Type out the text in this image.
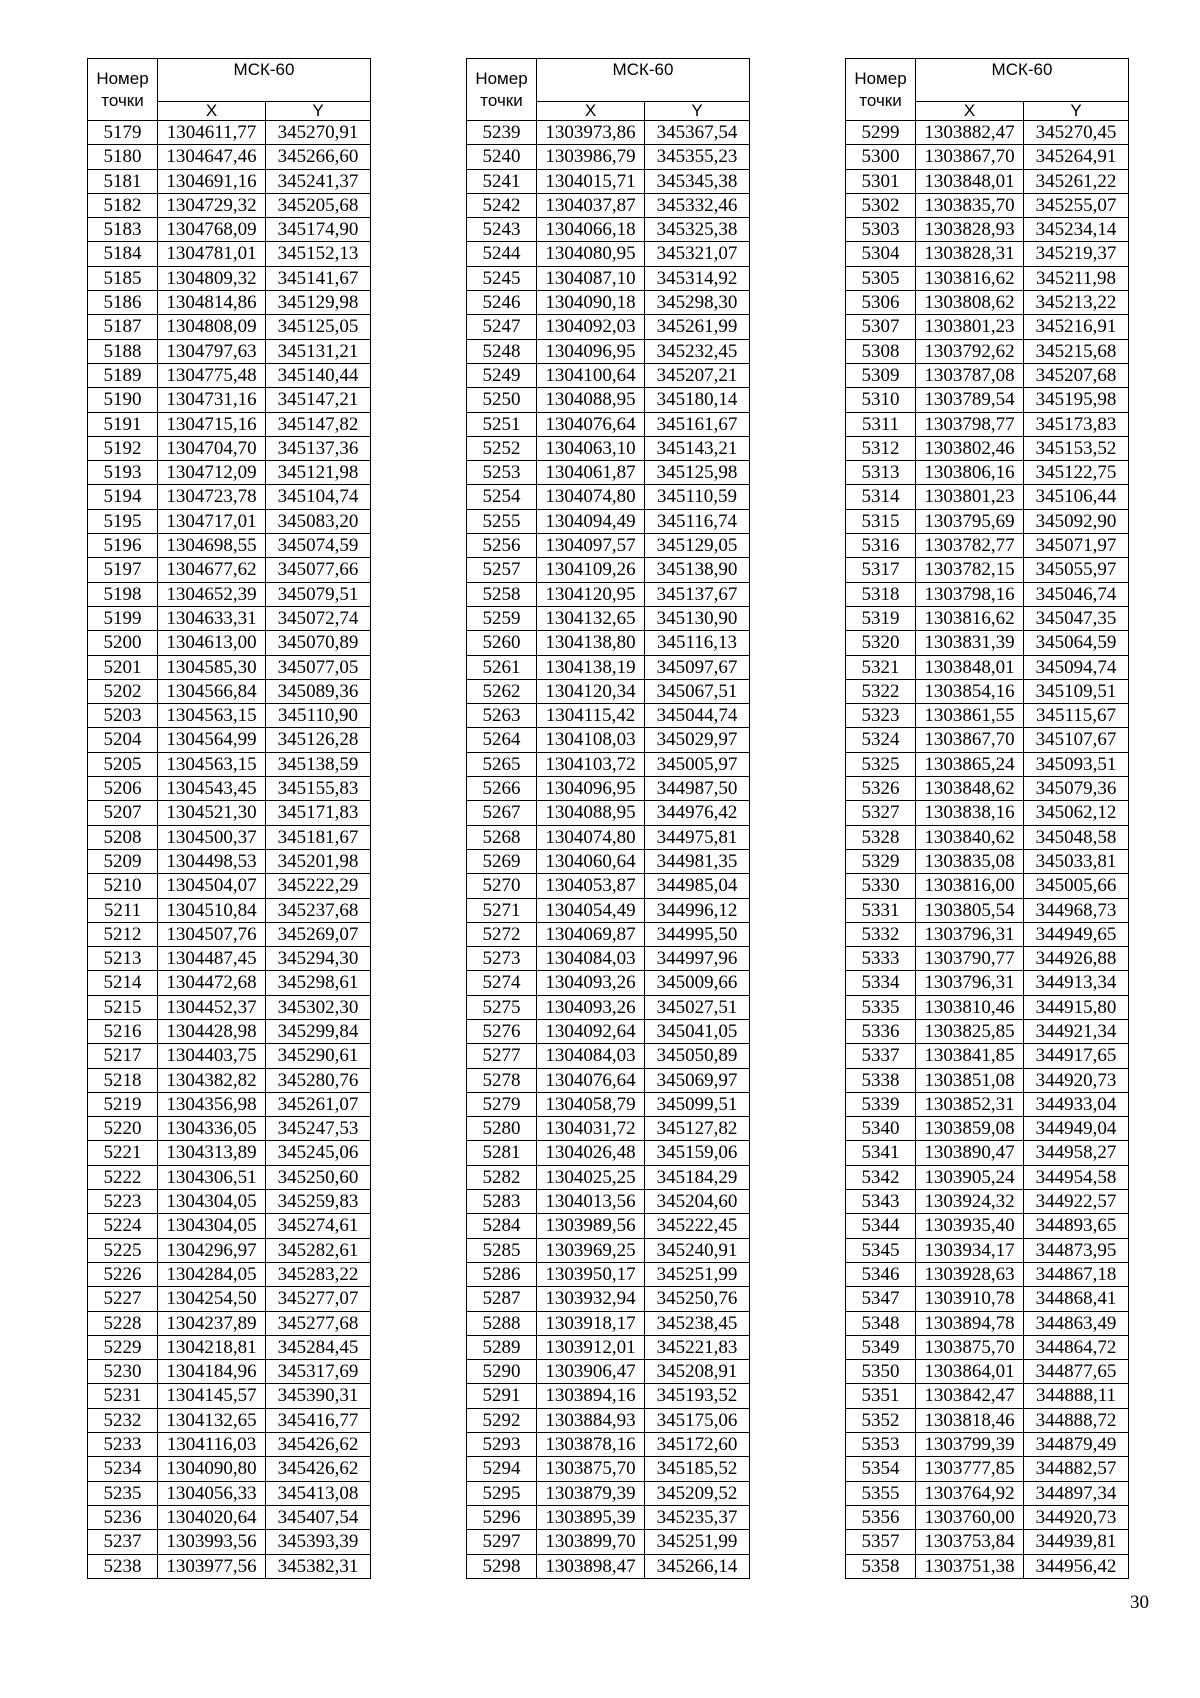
Номер
точки	МСК-60	
	X	Y
5179	1304611,77	345270,91
5180	1304647,46	345266,60
5181	1304691,16	345241,37
5182	1304729,32	345205,68
5183	1304768,09	345174,90
5184	1304781,01	345152,13
5185	1304809,32	345141,67
5186	1304814,86	345129,98
5187	1304808,09	345125,05
5188	1304797,63	345131,21
5189	1304775,48	345140,44
5190	1304731,16	345147,21
5191	1304715,16	345147,82
5192	1304704,70	345137,36
5193	1304712,09	345121,98
5194	1304723,78	345104,74
5195	1304717,01	345083,20
5196	1304698,55	345074,59
5197	1304677,62	345077,66
5198	1304652,39	345079,51
5199	1304633,31	345072,74
5200	1304613,00	345070,89
5201	1304585,30	345077,05
5202	1304566,84	345089,36
5203	1304563,15	345110,90
5204	1304564,99	345126,28
5205	1304563,15	345138,59
5206	1304543,45	345155,83
5207	1304521,30	345171,83
5208	1304500,37	345181,67
5209	1304498,53	345201,98
5210	1304504,07	345222,29
5211	1304510,84	345237,68
5212	1304507,76	345269,07
5213	1304487,45	345294,30
5214	1304472,68	345298,61
5215	1304452,37	345302,30
5216	1304428,98	345299,84
5217	1304403,75	345290,61
5218	1304382,82	345280,76
5219	1304356,98	345261,07
5220	1304336,05	345247,53
5221	1304313,89	345245,06
5222	1304306,51	345250,60
5223	1304304,05	345259,83
5224	1304304,05	345274,61
5225	1304296,97	345282,61
5226	1304284,05	345283,22
5227	1304254,50	345277,07
5228	1304237,89	345277,68
5229	1304218,81	345284,45
5230	1304184,96	345317,69
5231	1304145,57	345390,31
5232	1304132,65	345416,77
5233	1304116,03	345426,62
5234	1304090,80	345426,62
5235	1304056,33	345413,08
5236	1304020,64	345407,54
5237	1303993,56	345393,39
5238	1303977,56	345382,31
Номер
точки	МСК-60	
	X	Y
5239	1303973,86	345367,54
5240	1303986,79	345355,23
5241	1304015,71	345345,38
5242	1304037,87	345332,46
5243	1304066,18	345325,38
5244	1304080,95	345321,07
5245	1304087,10	345314,92
5246	1304090,18	345298,30
5247	1304092,03	345261,99
5248	1304096,95	345232,45
5249	1304100,64	345207,21
5250	1304088,95	345180,14
5251	1304076,64	345161,67
5252	1304063,10	345143,21
5253	1304061,87	345125,98
5254	1304074,80	345110,59
5255	1304094,49	345116,74
5256	1304097,57	345129,05
5257	1304109,26	345138,90
5258	1304120,95	345137,67
5259	1304132,65	345130,90
5260	1304138,80	345116,13
5261	1304138,19	345097,67
5262	1304120,34	345067,51
5263	1304115,42	345044,74
5264	1304108,03	345029,97
5265	1304103,72	345005,97
5266	1304096,95	344987,50
5267	1304088,95	344976,42
5268	1304074,80	344975,81
5269	1304060,64	344981,35
5270	1304053,87	344985,04
5271	1304054,49	344996,12
5272	1304069,87	344995,50
5273	1304084,03	344997,96
5274	1304093,26	345009,66
5275	1304093,26	345027,51
5276	1304092,64	345041,05
5277	1304084,03	345050,89
5278	1304076,64	345069,97
5279	1304058,79	345099,51
5280	1304031,72	345127,82
5281	1304026,48	345159,06
5282	1304025,25	345184,29
5283	1304013,56	345204,60
5284	1303989,56	345222,45
5285	1303969,25	345240,91
5286	1303950,17	345251,99
5287	1303932,94	345250,76
5288	1303918,17	345238,45
5289	1303912,01	345221,83
5290	1303906,47	345208,91
5291	1303894,16	345193,52
5292	1303884,93	345175,06
5293	1303878,16	345172,60
5294	1303875,70	345185,52
5295	1303879,39	345209,52
5296	1303895,39	345235,37
5297	1303899,70	345251,99
5298	1303898,47	345266,14
Номер
точки	МСК-60	
	X	Y
5299	1303882,47	345270,45
5300	1303867,70	345264,91
5301	1303848,01	345261,22
5302	1303835,70	345255,07
5303	1303828,93	345234,14
5304	1303828,31	345219,37
5305	1303816,62	345211,98
5306	1303808,62	345213,22
5307	1303801,23	345216,91
5308	1303792,62	345215,68
5309	1303787,08	345207,68
5310	1303789,54	345195,98
5311	1303798,77	345173,83
5312	1303802,46	345153,52
5313	1303806,16	345122,75
5314	1303801,23	345106,44
5315	1303795,69	345092,90
5316	1303782,77	345071,97
5317	1303782,15	345055,97
5318	1303798,16	345046,74
5319	1303816,62	345047,35
5320	1303831,39	345064,59
5321	1303848,01	345094,74
5322	1303854,16	345109,51
5323	1303861,55	345115,67
5324	1303867,70	345107,67
5325	1303865,24	345093,51
5326	1303848,62	345079,36
5327	1303838,16	345062,12
5328	1303840,62	345048,58
5329	1303835,08	345033,81
5330	1303816,00	345005,66
5331	1303805,54	344968,73
5332	1303796,31	344949,65
5333	1303790,77	344926,88
5334	1303796,31	344913,34
5335	1303810,46	344915,80
5336	1303825,85	344921,34
5337	1303841,85	344917,65
5338	1303851,08	344920,73
5339	1303852,31	344933,04
5340	1303859,08	344949,04
5341	1303890,47	344958,27
5342	1303905,24	344954,58
5343	1303924,32	344922,57
5344	1303935,40	344893,65
5345	1303934,17	344873,95
5346	1303928,63	344867,18
5347	1303910,78	344868,41
5348	1303894,78	344863,49
5349	1303875,70	344864,72
5350	1303864,01	344877,65
5351	1303842,47	344888,11
5352	1303818,46	344888,72
5353	1303799,39	344879,49
5354	1303777,85	344882,57
5355	1303764,92	344897,34
5356	1303760,00	344920,73
5357	1303753,84	344939,81
5358	1303751,38	344956,42
30
